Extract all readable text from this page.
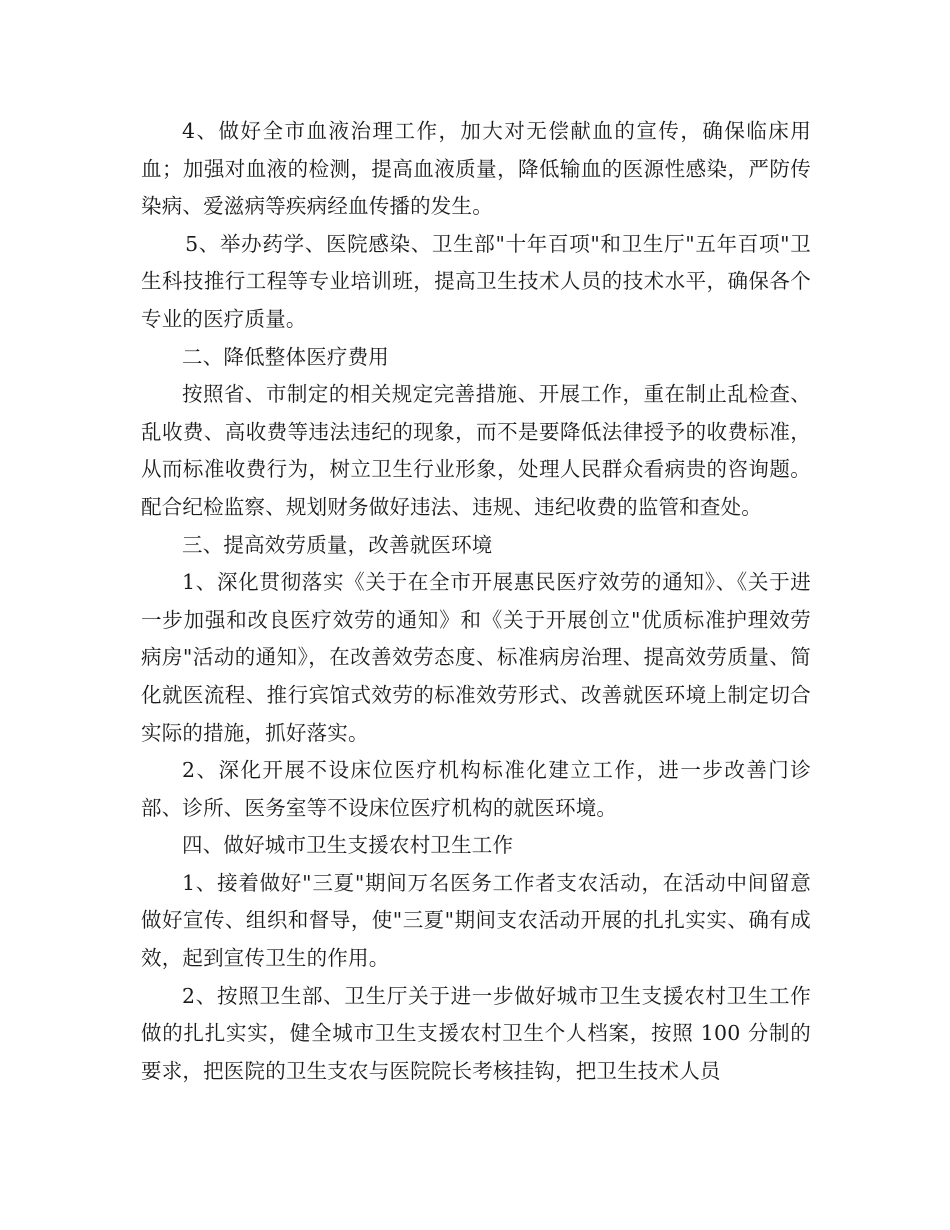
4、做好全市血液治理工作，加大对无偿献血的宣传，确保临床用血；加强对血液的检测，提高血液质量，降低输血的医源性感染，严防传染病、爱滋病等疾病经血传播的发生。

5、举办药学、医院感染、卫生部"十年百项"和卫生厅"五年百项"卫生科技推行工程等专业培训班，提高卫生技术人员的技术水平，确保各个专业的医疗质量。

二、降低整体医疗费用

按照省、市制定的相关规定完善措施、开展工作，重在制止乱检查、乱收费、高收费等违法违纪的现象，而不是要降低法律授予的收费标准，从而标准收费行为，树立卫生行业形象，处理人民群众看病贵的咨询题。配合纪检监察、规划财务做好违法、违规、违纪收费的监管和查处。

三、提高效劳质量，改善就医环境

1、深化贯彻落实《关于在全市开展惠民医疗效劳的通知》、《关于进一步加强和改良医疗效劳的通知》和《关于开展创立"优质标准护理效劳病房"活动的通知》，在改善效劳态度、标准病房治理、提高效劳质量、简化就医流程、推行宾馆式效劳的标准效劳形式、改善就医环境上制定切合实际的措施，抓好落实。

2、深化开展不设床位医疗机构标准化建立工作，进一步改善门诊部、诊所、医务室等不设床位医疗机构的就医环境。

四、做好城市卫生支援农村卫生工作

1、接着做好"三夏"期间万名医务工作者支农活动，在活动中间留意做好宣传、组织和督导，使"三夏"期间支农活动开展的扎扎实实、确有成效，起到宣传卫生的作用。

2、按照卫生部、卫生厅关于进一步做好城市卫生支援农村卫生工作做的扎扎实实，健全城市卫生支援农村卫生个人档案，按照 100 分制的要求，把医院的卫生支农与医院院长考核挂钩，把卫生技术人员
